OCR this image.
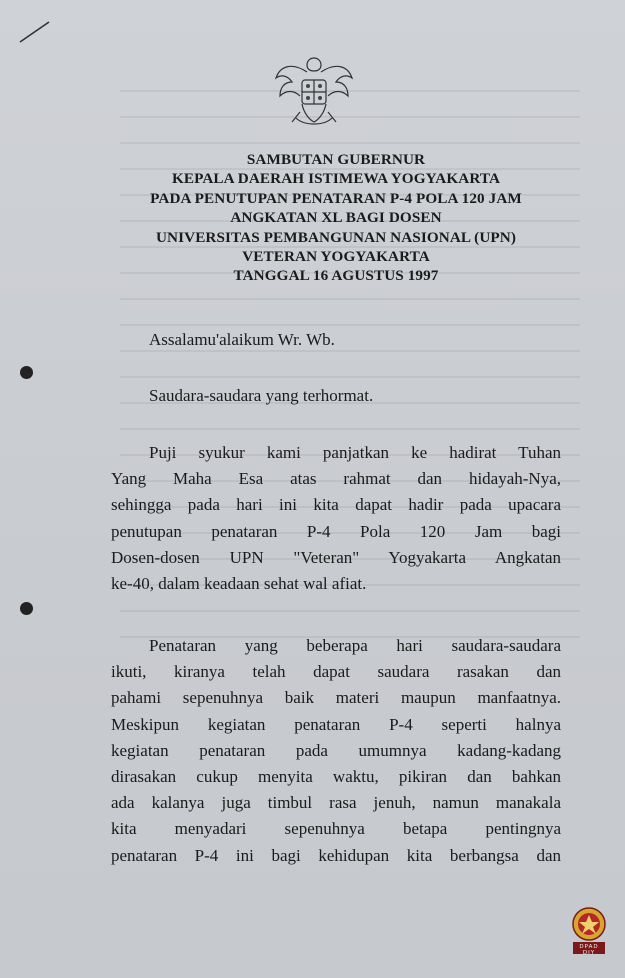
SAMBUTAN GUBERNUR
KEPALA DAERAH ISTIMEWA YOGYAKARTA
PADA PENUTUPAN PENATARAN P-4 POLA 120 JAM
ANGKATAN XL BAGI DOSEN
UNIVERSITAS PEMBANGUNAN NASIONAL (UPN)
VETERAN YOGYAKARTA
TANGGAL 16 AGUSTUS 1997
Assalamu'alaikum Wr. Wb.
Saudara-saudara yang terhormat.
Puji syukur kami panjatkan ke hadirat Tuhan
Yang Maha Esa atas rahmat dan hidayah-Nya,
sehingga pada hari ini kita dapat hadir pada upacara
penutupan penataran P-4 Pola 120 Jam bagi
Dosen-dosen UPN "Veteran" Yogyakarta Angkatan
ke-40, dalam keadaan sehat wal afiat.
Penataran yang beberapa hari saudara-saudara
ikuti, kiranya telah dapat saudara rasakan dan
pahami sepenuhnya baik materi maupun manfaatnya.
Meskipun kegiatan penataran P-4 seperti halnya
kegiatan penataran pada umumnya kadang-kadang
dirasakan cukup menyita waktu, pikiran dan bahkan
ada kalanya juga timbul rasa jenuh, namun manakala
kita menyadari sepenuhnya betapa pentingnya
penataran P-4 ini bagi kehidupan kita berbangsa dan
DPAD
DIY
